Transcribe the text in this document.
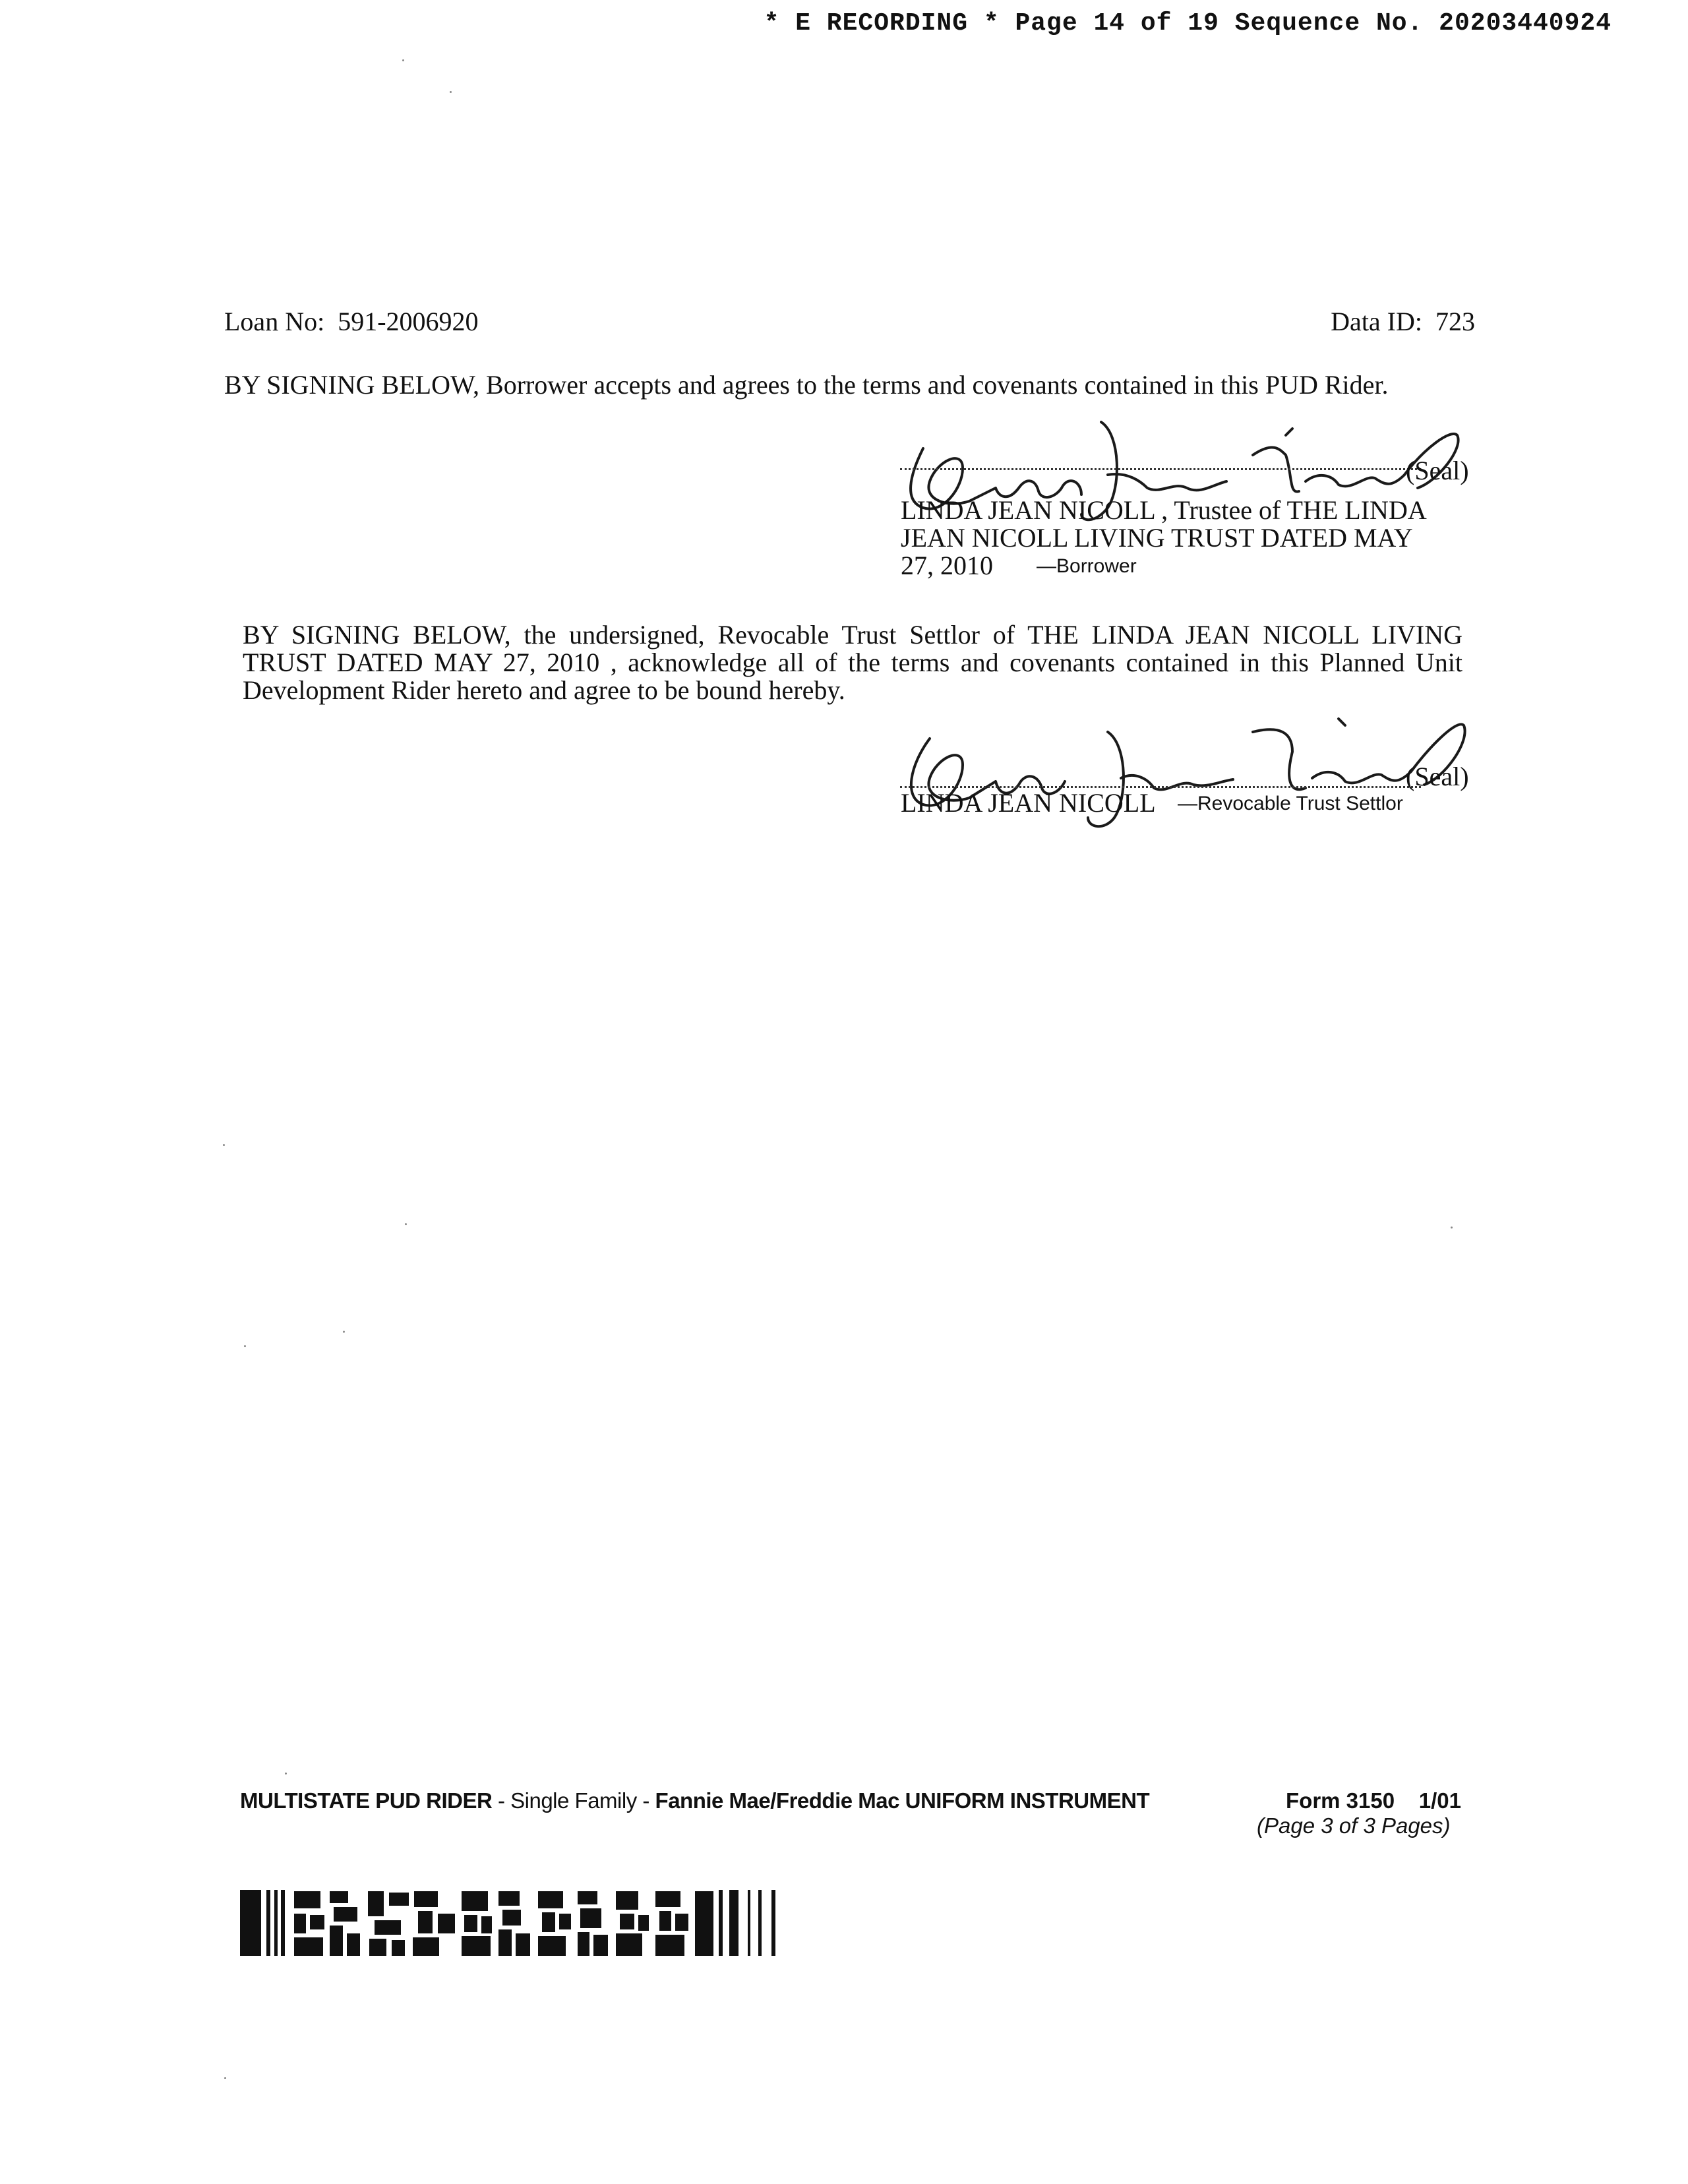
* E RECORDING * Page 14 of 19 Sequence No. 20203440924
Loan No: 591-2006920	Data ID: 723
BY SIGNING BELOW, Borrower accepts and agrees to the terms and covenants contained in this PUD Rider.
(Seal)
LINDA JEAN NICOLL , Trustee of THE LINDA
JEAN NICOLL LIVING TRUST DATED MAY
27, 2010 —Borrower
BY SIGNING BELOW, the undersigned, Revocable Trust Settlor of THE LINDA JEAN NICOLL LIVING TRUST DATED MAY 27, 2010 , acknowledge all of the terms and covenants contained in this Planned Unit Development Rider hereto and agree to be bound hereby.
(Seal)
LINDA JEAN NICOLL —Revocable Trust Settlor
MULTISTATE PUD RIDER - Single Family - Fannie Mae/Freddie Mac UNIFORM INSTRUMENT	Form 3150    1/01
(Page 3 of 3 Pages)
